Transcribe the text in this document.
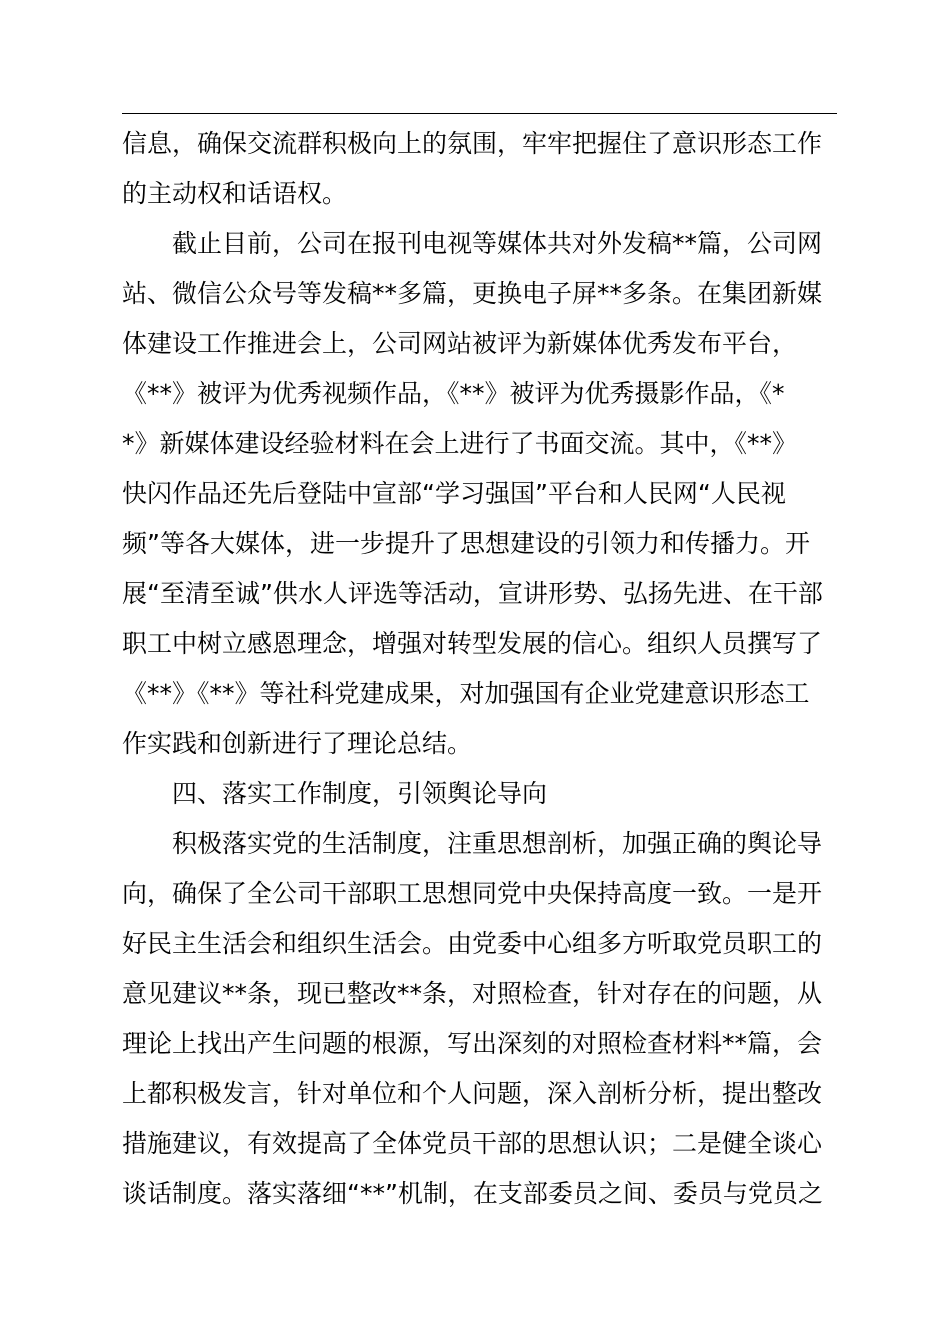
信息，确保交流群积极向上的氛围，牢牢把握住了意识形态工作
的主动权和话语权。
截止目前，公司在报刊电视等媒体共对外发稿**篇，公司网
站、微信公众号等发稿**多篇，更换电子屏**多条。在集团新媒
体建设工作推进会上，公司网站被评为新媒体优秀发布平台，
《**》被评为优秀视频作品，《**》被评为优秀摄影作品，《*
*》新媒体建设经验材料在会上进行了书面交流。其中，《**》
快闪作品还先后登陆中宣部“学习强国”平台和人民网“人民视
频”等各大媒体，进一步提升了思想建设的引领力和传播力。开
展“至清至诚”供水人评选等活动，宣讲形势、弘扬先进、在干部
职工中树立感恩理念，增强对转型发展的信心。组织人员撰写了
《**》《**》等社科党建成果，对加强国有企业党建意识形态工
作实践和创新进行了理论总结。
四、落实工作制度，引领舆论导向
积极落实党的生活制度，注重思想剖析，加强正确的舆论导
向，确保了全公司干部职工思想同党中央保持高度一致。一是开
好民主生活会和组织生活会。由党委中心组多方听取党员职工的
意见建议**条，现已整改**条，对照检查，针对存在的问题，从
理论上找出产生问题的根源，写出深刻的对照检查材料**篇，会
上都积极发言，针对单位和个人问题，深入剖析分析，提出整改
措施建议，有效提高了全体党员干部的思想认识；二是健全谈心
谈话制度。落实落细“**”机制，在支部委员之间、委员与党员之
